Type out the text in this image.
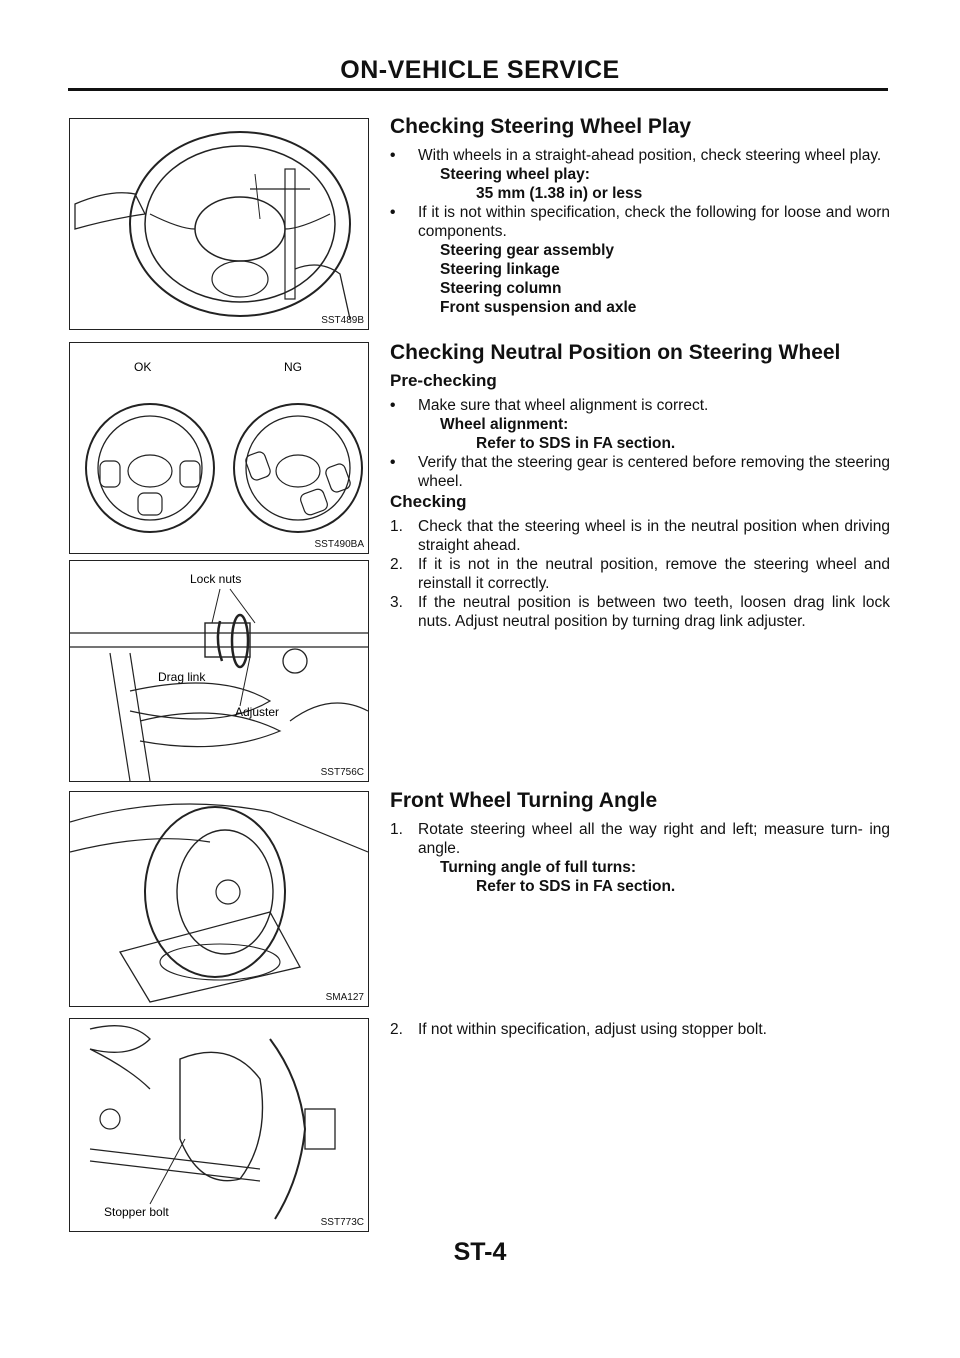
ON-VEHICLE SERVICE
SST489B
OK	NG
SST490BA
Lock nuts
Drag link
Adjuster
SST756C
SMA127
Stopper bolt
SST773C
Checking Steering Wheel Play
• With wheels in a straight-ahead position, check steering wheel play.
Steering wheel play:
35 mm (1.38 in) or less
• If it is not within specification, check the following for loose and worn components.
Steering gear assembly
Steering linkage
Steering column
Front suspension and axle
Checking Neutral Position on Steering Wheel
Pre-checking
• Make sure that wheel alignment is correct.
Wheel alignment:
Refer to SDS in FA section.
• Verify that the steering gear is centered before removing the steering wheel.
Checking
1. Check that the steering wheel is in the neutral position when driving straight ahead.
2. If it is not in the neutral position, remove the steering wheel and reinstall it correctly.
3. If the neutral position is between two teeth, loosen drag link lock nuts. Adjust neutral position by turning drag link adjuster.
Front Wheel Turning Angle
1. Rotate steering wheel all the way right and left; measure turn- ing angle.
Turning angle of full turns:
Refer to SDS in FA section.
2. If not within specification, adjust using stopper bolt.
ST-4
